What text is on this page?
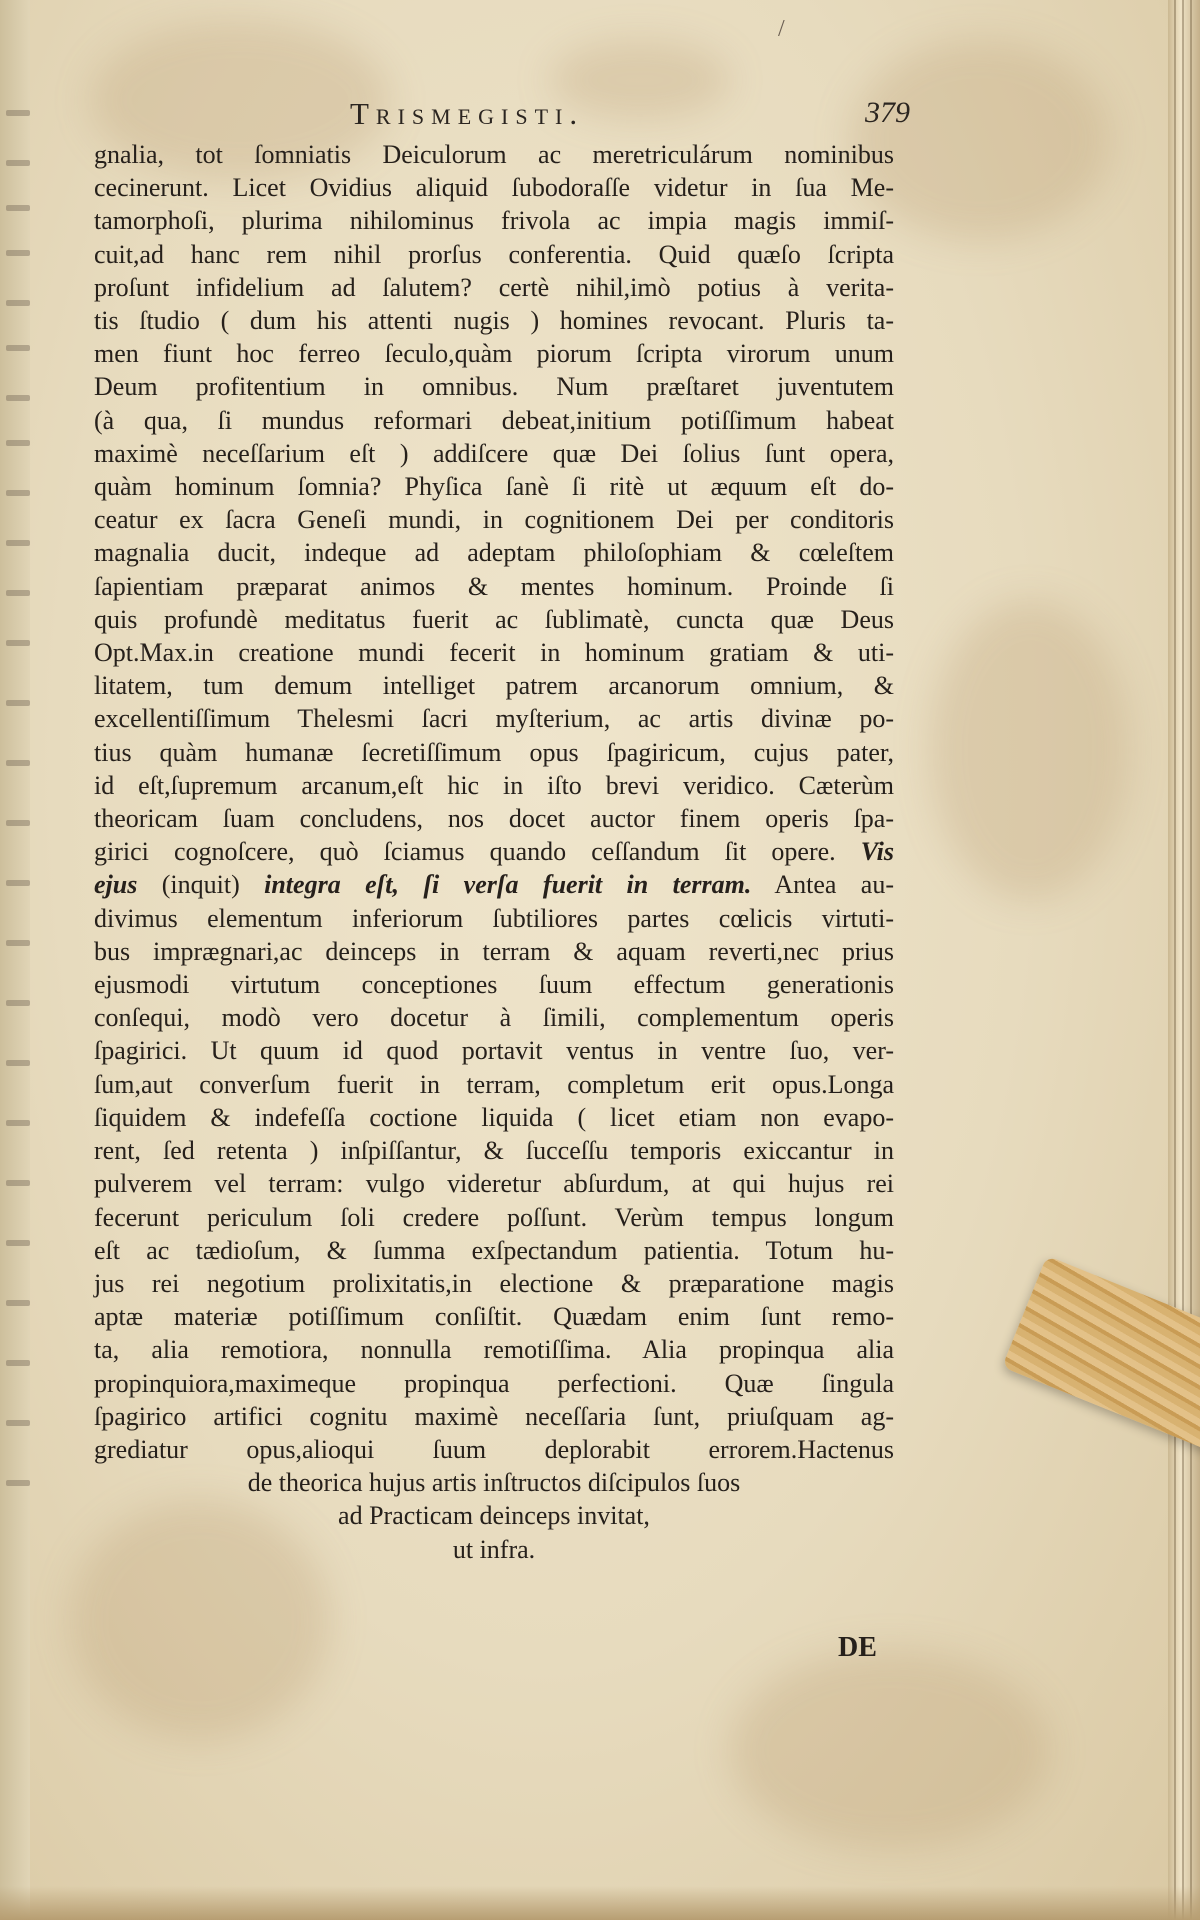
/
Trismegisti.	379
gnalia, tot ſomniatis Deiculorum ac meretriculárum nominibus
cecinerunt. Licet Ovidius aliquid ſubodoraſſe videtur in ſua Me-
tamorphoſi, plurima nihilominus frivola ac impia magis immiſ-
cuit,ad hanc rem nihil prorſus conferentia. Quid quæſo ſcripta
proſunt infidelium ad ſalutem? certè nihil,imò potius à verita-
tis ſtudio ( dum his attenti nugis ) homines revocant. Pluris ta-
men fiunt hoc ferreo ſeculo,quàm piorum ſcripta virorum unum
Deum profitentium in omnibus. Num præſtaret juventutem
(à qua, ſi mundus reformari debeat,initium potiſſimum habeat
maximè neceſſarium eſt ) addiſcere quæ Dei ſolius ſunt opera,
quàm hominum ſomnia? Phyſica ſanè ſi ritè ut æquum eſt do-
ceatur ex ſacra Geneſi mundi, in cognitionem Dei per conditoris
magnalia ducit, indeque ad adeptam philoſophiam & cœleſtem
ſapientiam præparat animos & mentes hominum. Proinde ſi
quis profundè meditatus fuerit ac ſublimatè, cuncta quæ Deus
Opt.Max.in creatione mundi fecerit in hominum gratiam & uti-
litatem, tum demum intelliget patrem arcanorum omnium, &
excellentiſſimum Thelesmi ſacri myſterium, ac artis divinæ po-
tius quàm humanæ ſecretiſſimum opus ſpagiricum, cujus pater,
id eſt,ſupremum arcanum,eſt hic in iſto brevi veridico. Cæterùm
theoricam ſuam concludens, nos docet auctor finem operis ſpa-
girici cognoſcere, quò ſciamus quando ceſſandum ſit opere. Vis
ejus (inquit) integra eſt, ſi verſa fuerit in terram. Antea au-
divimus elementum inferiorum ſubtiliores partes cœlicis virtuti-
bus imprægnari,ac deinceps in terram & aquam reverti,nec prius
ejusmodi virtutum conceptiones ſuum effectum generationis
conſequi, modò vero docetur à ſimili, complementum operis
ſpagirici. Ut quum id quod portavit ventus in ventre ſuo, ver-
ſum,aut converſum fuerit in terram, completum erit opus.Longa
ſiquidem & indefeſſa coctione liquida ( licet etiam non evapo-
rent, ſed retenta ) inſpiſſantur, & ſucceſſu temporis exiccantur in
pulverem vel terram: vulgo videretur abſurdum, at qui hujus rei
fecerunt periculum ſoli credere poſſunt. Verùm tempus longum
eſt ac tædioſum, & ſumma exſpectandum patientia. Totum hu-
jus rei negotium prolixitatis,in electione & præparatione magis
aptæ materiæ potiſſimum conſiſtit. Quædam enim ſunt remo-
ta, alia remotiora, nonnulla remotiſſima. Alia propinqua alia
propinquiora,maximeque propinqua perfectioni. Quæ ſingula
ſpagirico artifici cognitu maximè neceſſaria ſunt, priuſquam ag-
grediatur opus,alioqui ſuum deplorabit errorem.Hactenus
de theorica hujus artis inſtructos diſcipulos ſuos
ad Practicam deinceps invitat,
ut infra.
DE
